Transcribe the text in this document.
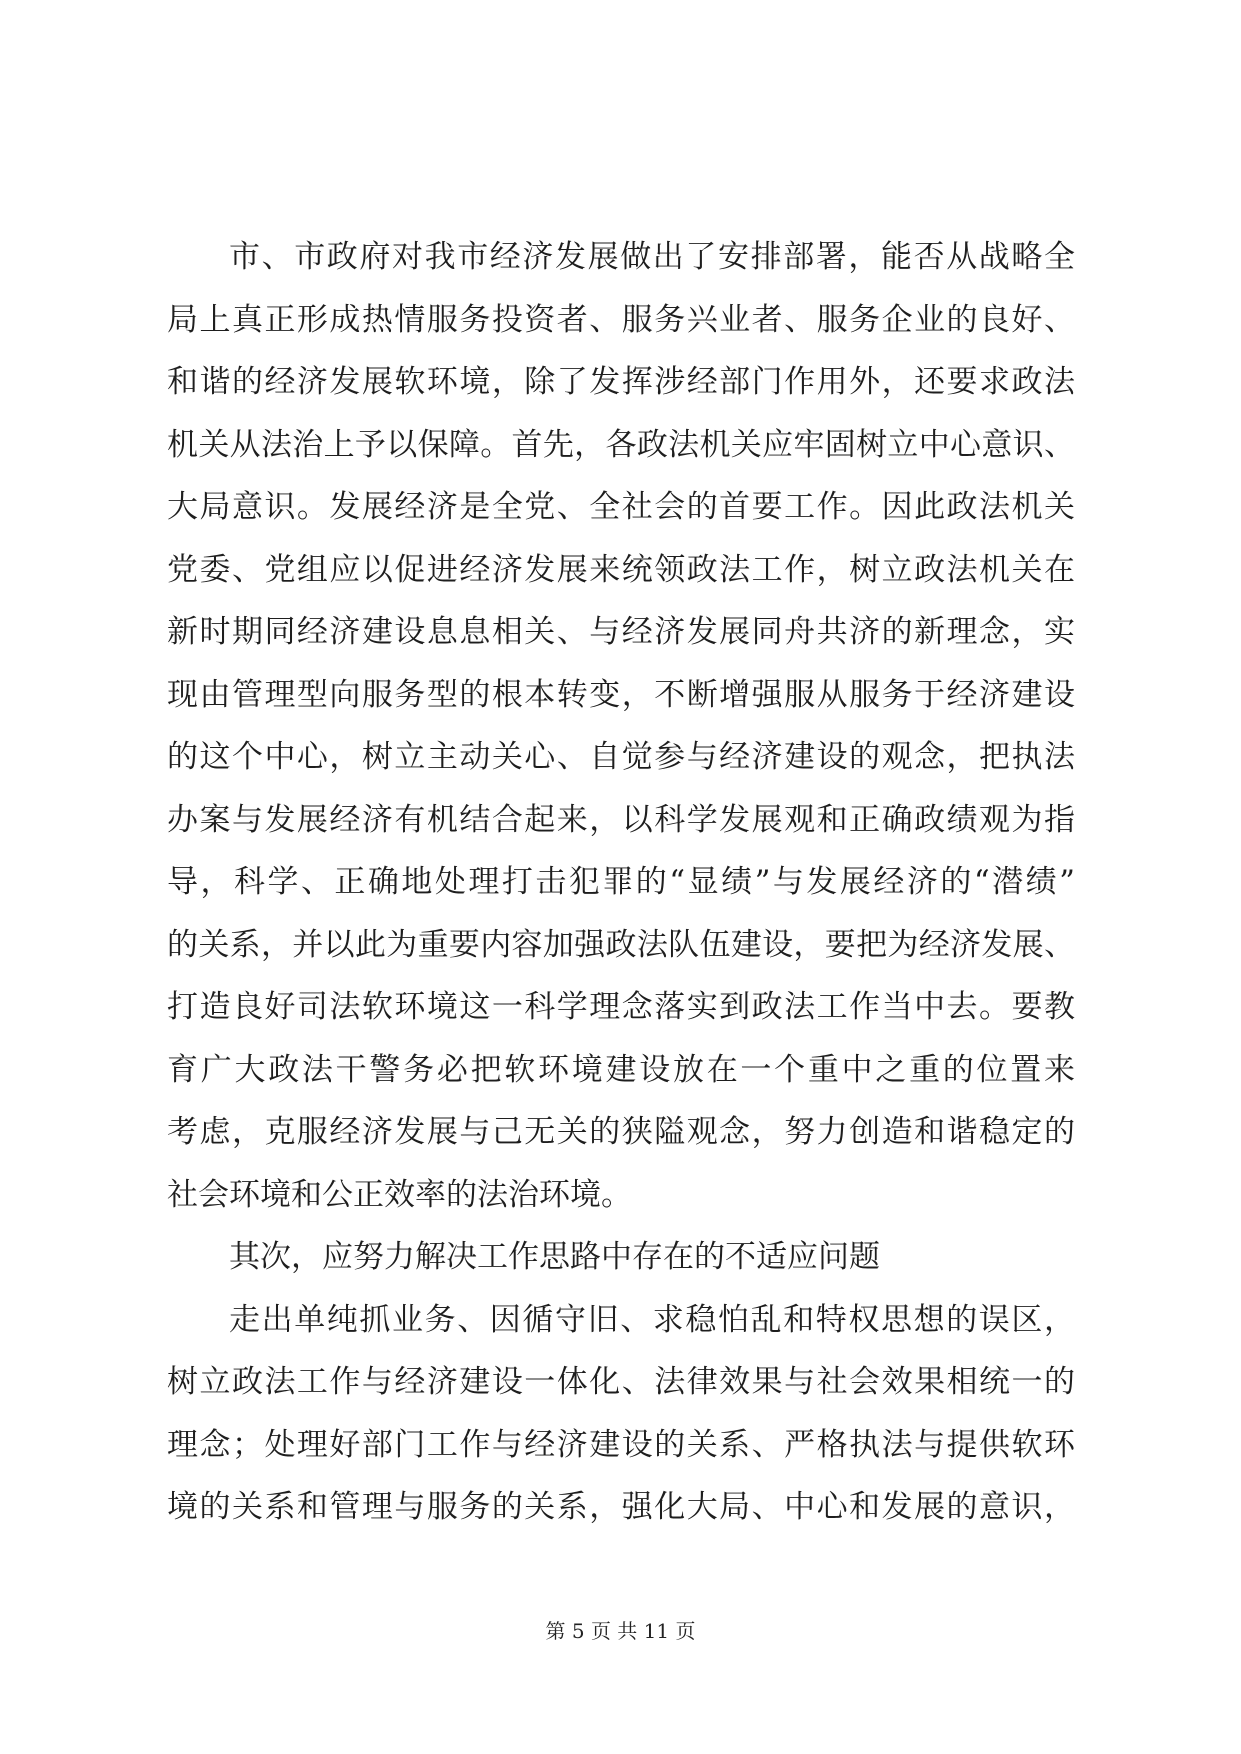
市、市政府对我市经济发展做出了安排部署，能否从战略全
局上真正形成热情服务投资者、服务兴业者、服务企业的良好、
和谐的经济发展软环境，除了发挥涉经部门作用外，还要求政法
机关从法治上予以保障。首先，各政法机关应牢固树立中心意识、
大局意识。发展经济是全党、全社会的首要工作。因此政法机关
党委、党组应以促进经济发展来统领政法工作，树立政法机关在
新时期同经济建设息息相关、与经济发展同舟共济的新理念，实
现由管理型向服务型的根本转变，不断增强服从服务于经济建设
的这个中心，树立主动关心、自觉参与经济建设的观念，把执法
办案与发展经济有机结合起来，以科学发展观和正确政绩观为指
导，科学、正确地处理打击犯罪的“显绩”与发展经济的“潜绩”
的关系，并以此为重要内容加强政法队伍建设，要把为经济发展、
打造良好司法软环境这一科学理念落实到政法工作当中去。要教
育广大政法干警务必把软环境建设放在一个重中之重的位置来
考虑，克服经济发展与己无关的狭隘观念，努力创造和谐稳定的
社会环境和公正效率的法治环境。
其次，应努力解决工作思路中存在的不适应问题
走出单纯抓业务、因循守旧、求稳怕乱和特权思想的误区，
树立政法工作与经济建设一体化、法律效果与社会效果相统一的
理念；处理好部门工作与经济建设的关系、严格执法与提供软环
境的关系和管理与服务的关系，强化大局、中心和发展的意识，
第 5 页 共 11 页
